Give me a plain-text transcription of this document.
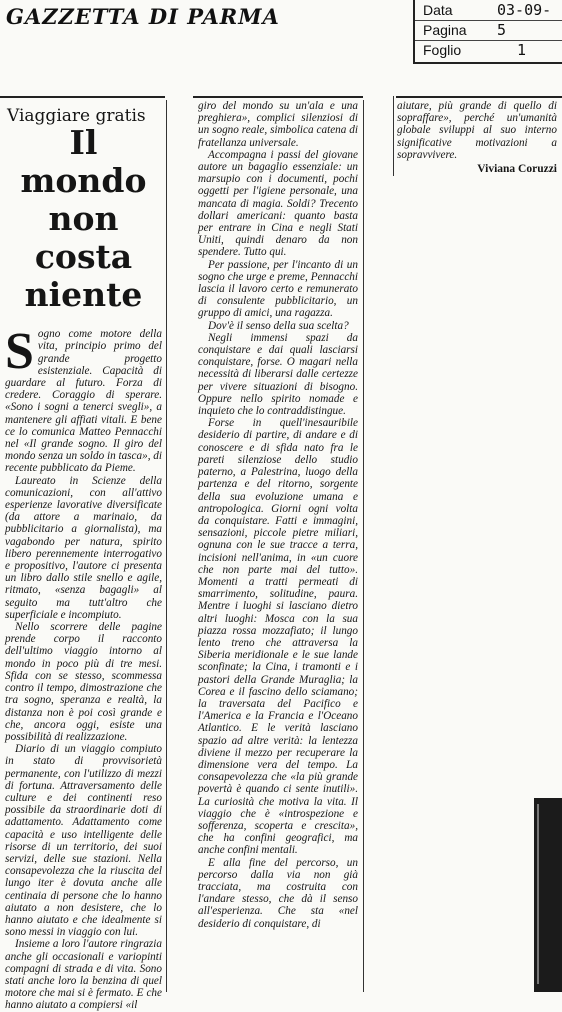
GAZZETTA DI PARMA	Data	03-09-
Pagina 5
Foglio	1
Viaggiare gratis
Il mondo non costa niente

Sogno come motore della vita, principio primo del grande progetto esistenziale. Capacità di guardare al futuro. Forza di credere. Coraggio di sperare. «Sono i sogni a tenerci svegli», a mantenere gli affiati vitali. E bene ce lo comunica Matteo Pennacchi nel «Il grande sogno. Il giro del mondo senza un soldo in tasca», di recente pubblicato da Pieme.

Laureato in Scienze della comunicazioni, con all'attivo esperienze lavorative diversificate (da attore a marinaio, da pubblicitario a giornalista), ma vagabondo per natura, spirito libero perennemente interrogativo e propositivo, l'autore ci presenta un libro dallo stile snello e agile, ritmato, «senza bagagli» al seguito ma tutt'altro che superficiale e incompiuto.

Nello scorrere delle pagine prende corpo il racconto dell'ultimo viaggio intorno al mondo in poco più di tre mesi. Sfida con se stesso, scommessa contro il tempo, dimostrazione che tra sogno, speranza e realtà, la distanza non è poi così grande e che, ancora oggi, esiste una possibilità di realizzazione.

Diario di un viaggio compiuto in stato di provvisorietà permanente, con l'utilizzo di mezzi di fortuna. Attraversamento delle culture e dei continenti reso possibile da straordinarie doti di adattamento. Adattamento come capacità e uso intelligente delle risorse di un territorio, dei suoi servizi, delle sue stazioni. Nella consapevolezza che la riuscita del lungo iter è dovuta anche alle centinaia di persone che lo hanno aiutato a non desistere, che lo hanno aiutato e che idealmente si sono messi in viaggio con lui.

Insieme a loro l'autore ringrazia anche gli occasionali e variopinti compagni di strada e di vita. Sono stati anche loro la benzina di quel motore che mai si è fermato. E che hanno aiutato a compiersi «il

giro del mondo su un'ala e una preghiera», complici silenziosi di un sogno reale, simbolica catena di fratellanza universale.

Accompagna i passi del giovane autore un bagaglio essenziale: un marsupio con i documenti, pochi oggetti per l'igiene personale, una mancata di magia. Soldi? Trecento dollari americani: quanto basta per entrare in Cina e negli Stati Uniti, quindi denaro da non spendere. Tutto qui.

Per passione, per l'incanto di un sogno che urge e preme, Pennacchi lascia il lavoro certo e remunerato di consulente pubblicitario, un gruppo di amici, una ragazza.

Dov'è il senso della sua scelta?

Negli immensi spazi da conquistare e dai quali lasciarsi conquistare, forse. O magari nella necessità di liberarsi dalle certezze per vivere situazioni di bisogno. Oppure nello spirito nomade e inquieto che lo contraddistingue.

Forse in quell'inesauribile desiderio di partire, di andare e di conoscere e di sfida nato fra le pareti silenziose dello studio paterno, a Palestrina, luogo della partenza e del ritorno, sorgente della sua evoluzione umana e antropologica. Giorni ogni volta da conquistare. Fatti e immagini, sensazioni, piccole pietre miliari, ognuna con le sue tracce a terra, incisioni nell'anima, in «un cuore che non parte mai del tutto». Momenti a tratti permeati di smarrimento, solitudine, paura. Mentre i luoghi si lasciano dietro altri luoghi: Mosca con la sua piazza rossa mozzafiato; il lungo lento treno che attraversa la Siberia meridionale e le sue lande sconfinate; la Cina, i tramonti e i pastori della Grande Muraglia; la Corea e il fascino dello sciamano; la traversata del Pacifico e l'America e la Francia e l'Oceano Atlantico. E le verità lasciano spazio ad altre verità: la lentezza diviene il mezzo per recuperare la dimensione vera del tempo. La consapevolezza che «la più grande povertà è quando ci sente inutili». La curiosità che motiva la vita. Il viaggio che è «introspezione e sofferenza, scoperta e crescita», che ha confini geografici, ma anche confini mentali.

E alla fine del percorso, un percorso dalla via non già tracciata, ma costruita con l'andare stesso, che dà il senso all'esperienza. Che sta «nel desiderio di conquistare, di

aiutare, più grande di quello di sopraffare», perché un'umanità globale sviluppi al suo interno significative motivazioni a sopravvivere.

Viviana Coruzzi
